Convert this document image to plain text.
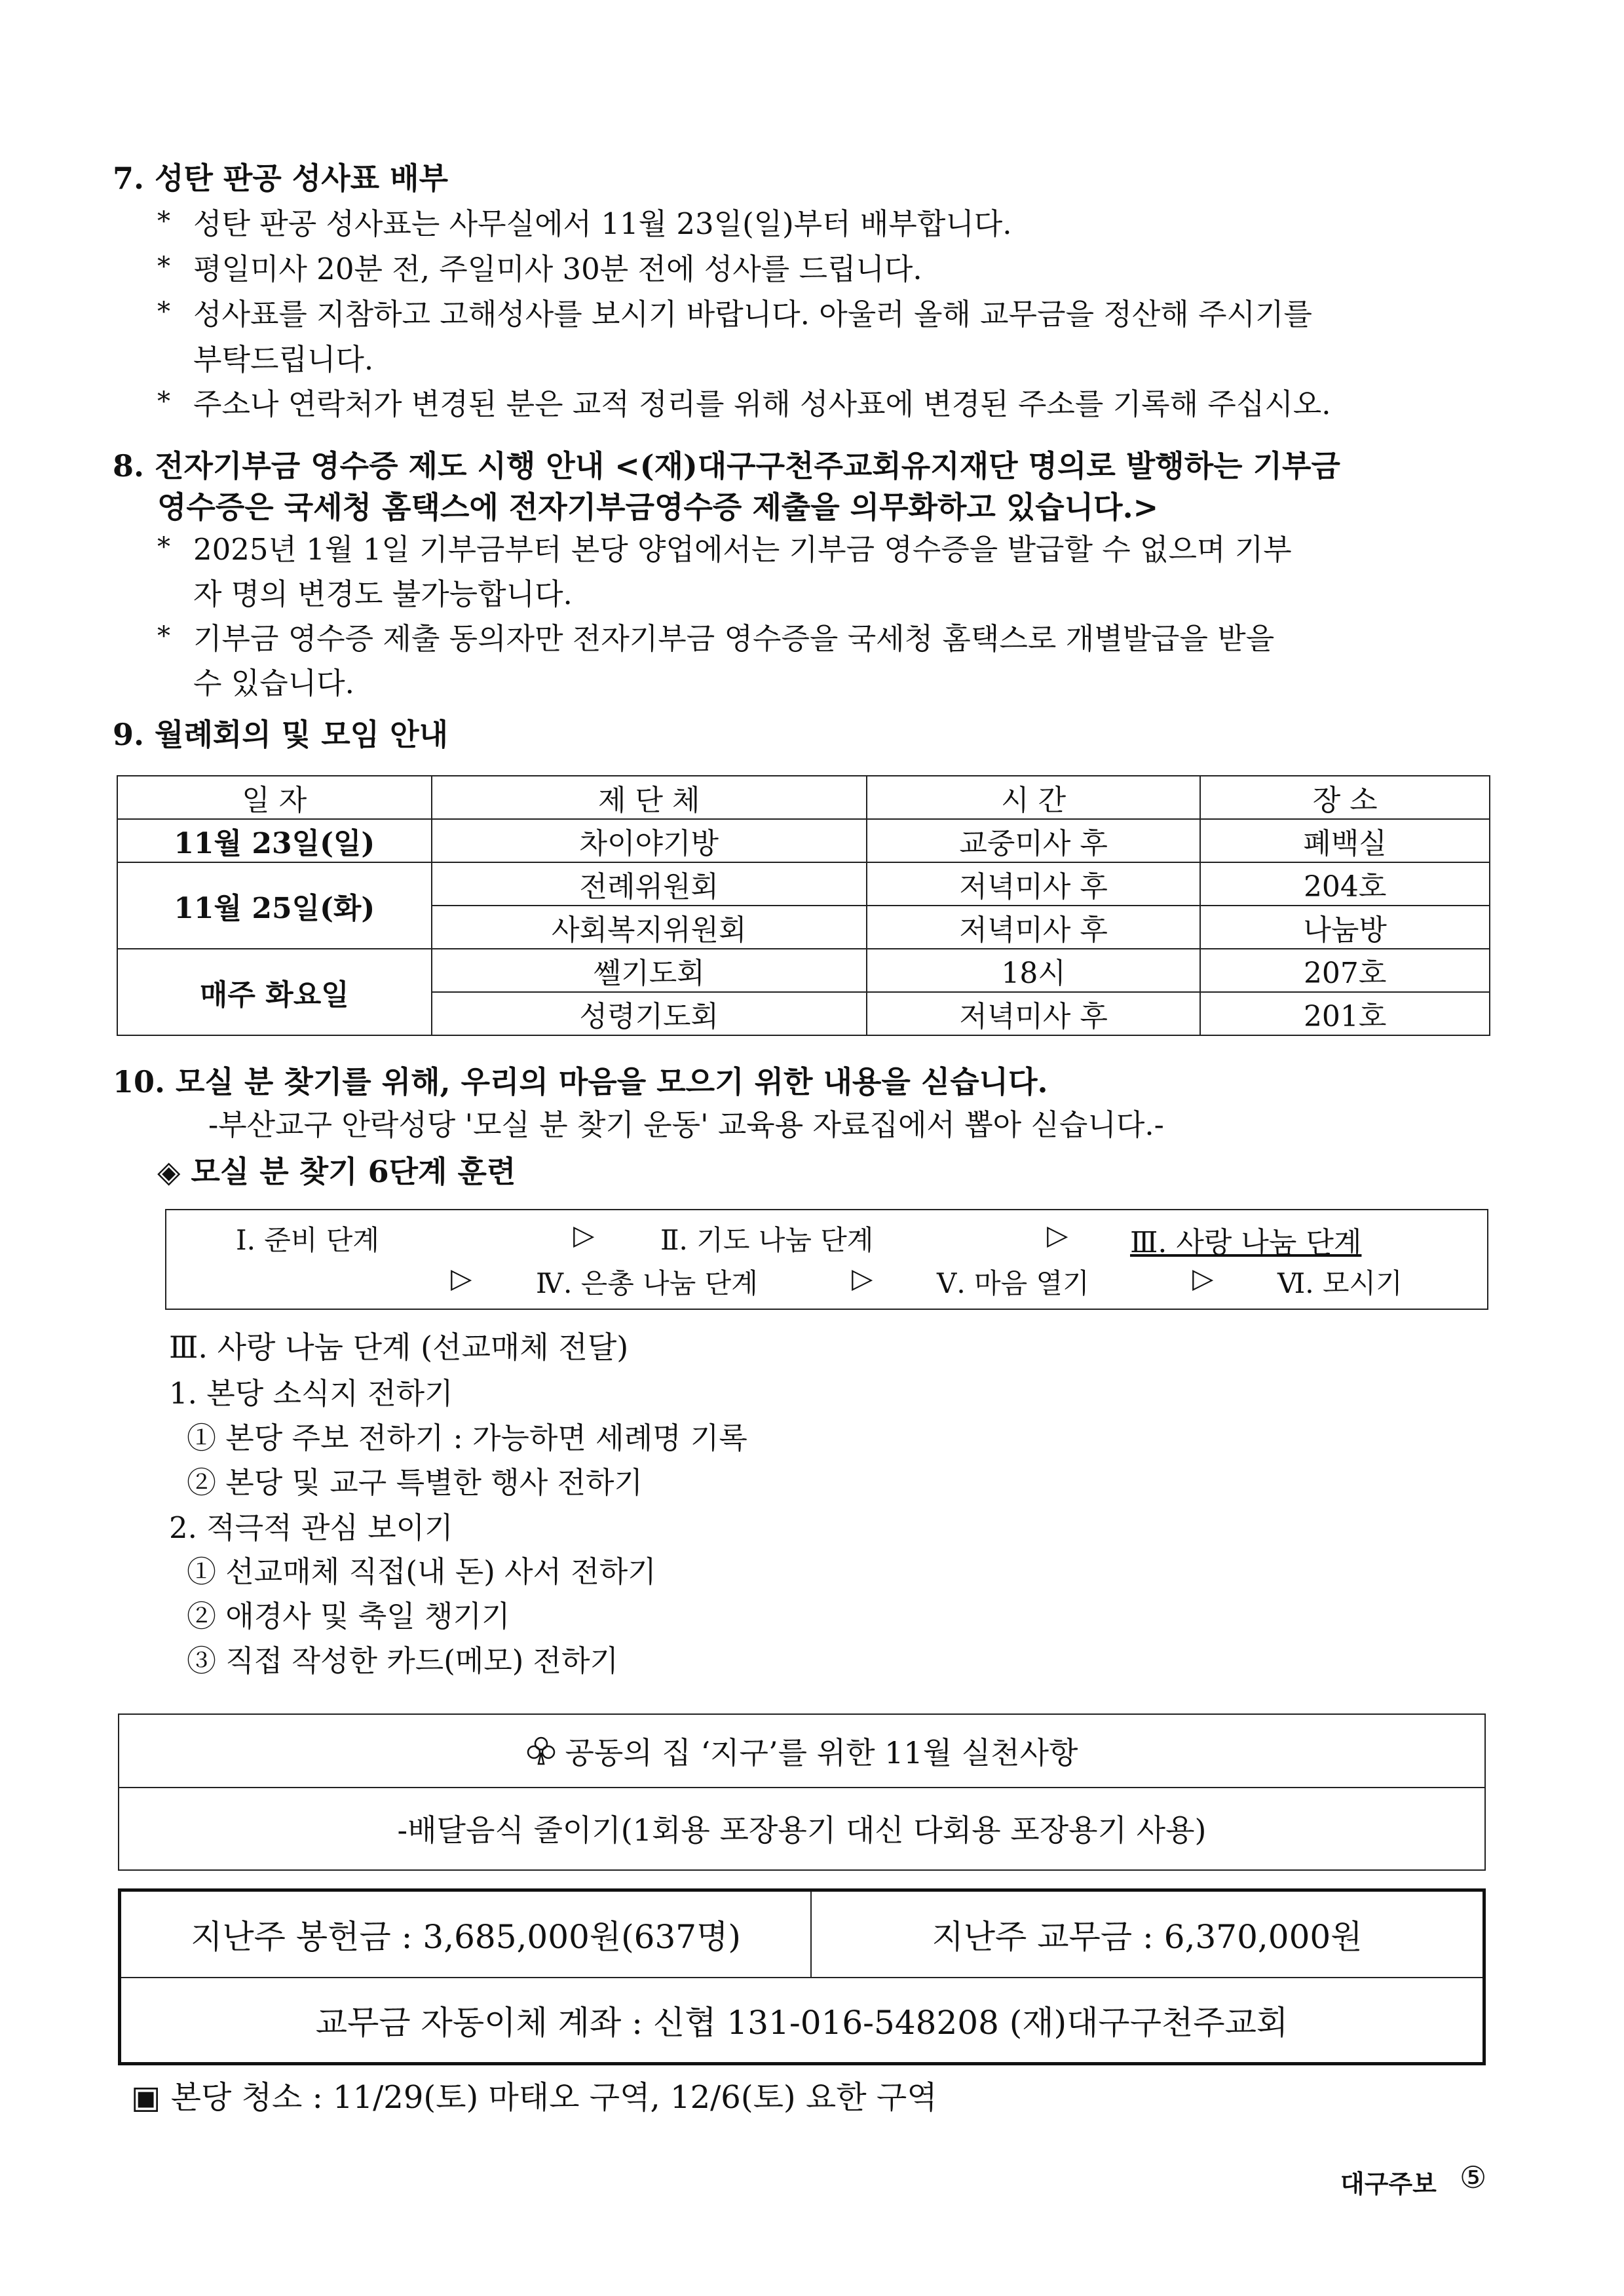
7. 성탄 판공 성사표 배부
* 성탄 판공 성사표는 사무실에서 11월 23일(일)부터 배부합니다.
* 평일미사 20분 전, 주일미사 30분 전에 성사를 드립니다.
* 성사표를 지참하고 고해성사를 보시기 바랍니다. 아울러 올해 교무금을 정산해 주시기를
부탁드립니다.
* 주소나 연락처가 변경된 분은 교적 정리를 위해 성사표에 변경된 주소를 기록해 주십시오.
8. 전자기부금 영수증 제도 시행 안내 <(재)대구구천주교회유지재단 명의로 발행하는 기부금
영수증은 국세청 홈택스에 전자기부금영수증 제출을 의무화하고 있습니다.>
* 2025년 1월 1일 기부금부터 본당 양업에서는 기부금 영수증을 발급할 수 없으며 기부
자 명의 변경도 불가능합니다.
* 기부금 영수증 제출 동의자만 전자기부금 영수증을 국세청 홈택스로 개별발급을 받을
수 있습니다.
9. 월례회의 및 모임 안내
일 자	제 단 체	시 간	장 소
11월 23일(일)	차이야기방	교중미사 후	폐백실
11월 25일(화)	전례위원회	저녁미사 후	204호
	사회복지위원회	저녁미사 후	나눔방
매주 화요일	쎌기도회	18시	207호
	성령기도회	저녁미사 후	201호
10. 모실 분 찾기를 위해, 우리의 마음을 모으기 위한 내용을 싣습니다.
-부산교구 안락성당 '모실 분 찾기 운동' 교육용 자료집에서 뽑아 싣습니다.-
◈ 모실 분 찾기 6단계 훈련
Ⅰ. 준비 단계	▷ Ⅱ. 기도 나눔 단계	▷ Ⅲ. 사랑 나눔 단계
▷ Ⅳ. 은총 나눔 단계	▷ Ⅴ. 마음 열기	▷ Ⅵ. 모시기
Ⅲ. 사랑 나눔 단계 (선교매체 전달)
1. 본당 소식지 전하기
① 본당 주보 전하기 : 가능하면 세례명 기록
② 본당 및 교구 특별한 행사 전하기
2. 적극적 관심 보이기
① 선교매체 직접(내 돈) 사서 전하기
② 애경사 및 축일 챙기기
③ 직접 작성한 카드(메모) 전하기
공동의 집 ‘지구’를 위한 11월 실천사항
-배달음식 줄이기(1회용 포장용기 대신 다회용 포장용기 사용)
지난주 봉헌금 : 3,685,000원(637명)	지난주 교무금 : 6,370,000원
교무금 자동이체 계좌 : 신협 131-016-548208 (재)대구구천주교회
▣ 본당 청소 : 11/29(토) 마태오 구역, 12/6(토) 요한 구역
대구주보 ⑤
